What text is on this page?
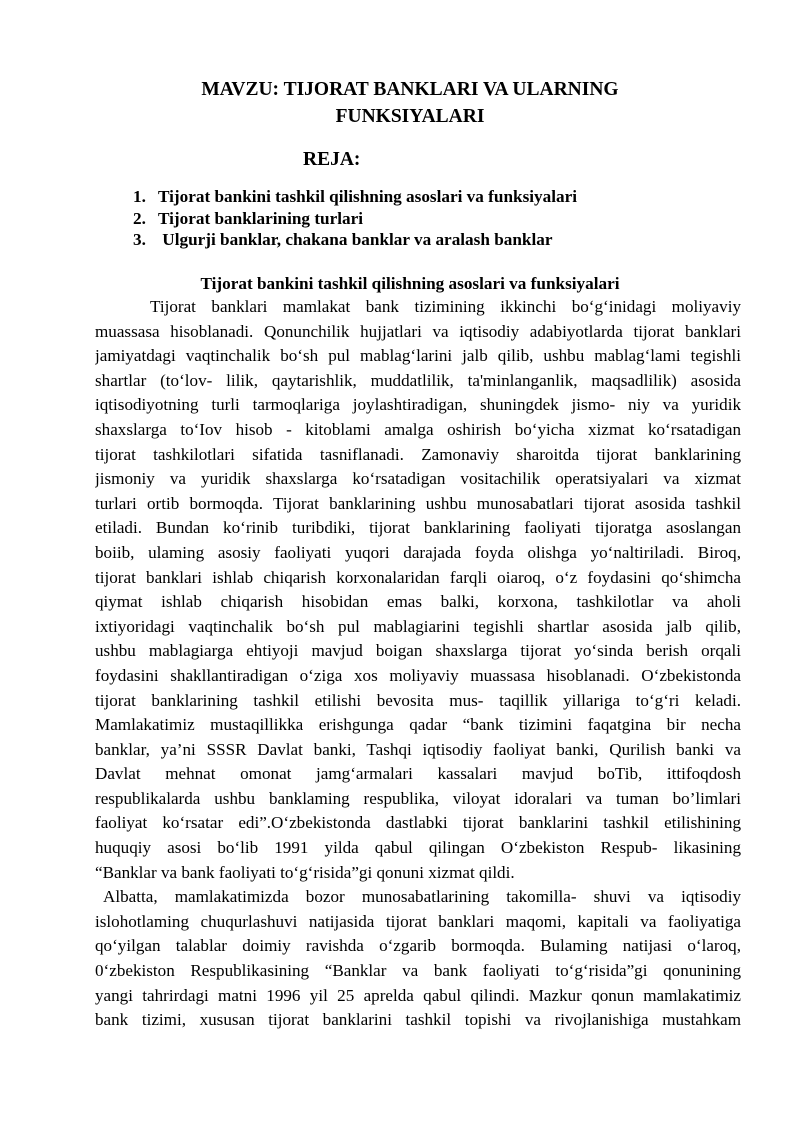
MAVZU: TIJORAT BANKLARI VA ULARNING FUNKSIYALARI
REJA:
1. Tijorat bankini tashkil qilishning asoslari va funksiyalari
2. Tijorat banklarining turlari
3. Ulgurji banklar, chakana banklar va aralash banklar
Tijorat bankini tashkil qilishning asoslari va funksiyalari
Tijorat banklari mamlakat bank tizimining ikkinchi bo‘g‘inidagi moliyaviy
muassasa hisoblanadi. Qonunchilik hujjatlari va iqtisodiy adabiyotlarda tijorat banklari
jamiyatdagi vaqtinchalik bo‘sh pul mablag‘larini jalb qilib, ushbu mablag‘lami tegishli
shartlar (to‘lov- lilik, qaytarishlik, muddatlilik, ta'minlanganlik, maqsadlilik) asosida
iqtisodiyotning turli tarmoqlariga joylashtiradigan, shuningdek jismo- niy va yuridik
shaxslarga to‘Iov hisob - kitoblami amalga oshirish bo‘yicha xizmat ko‘rsatadigan
tijorat tashkilotlari sifatida tasniflanadi. Zamonaviy sharoitda tijorat banklarining
jismoniy va yuridik shaxslarga ko‘rsatadigan vositachilik operatsiyalari va xizmat
turlari ortib bormoqda. Tijorat banklarining ushbu munosabatlari tijorat asosida tashkil
etiladi. Bundan ko‘rinib turibdiki, tijorat banklarining faoliyati tijoratga asoslangan
boiib, ulaming asosiy faoliyati yuqori darajada foyda olishga yo‘naltiriladi. Biroq,
tijorat banklari ishlab chiqarish korxonalaridan farqli oiaroq, o‘z foydasini qo‘shimcha
qiymat ishlab chiqarish hisobidan emas balki, korxona, tashkilotlar va aholi
ixtiyoridagi vaqtinchalik bo‘sh pul mablagiarini tegishli shartlar asosida jalb qilib,
ushbu mablagiarga ehtiyoji mavjud boigan shaxslarga tijorat yo‘sinda berish orqali
foydasini shakllantiradigan o‘ziga xos moliyaviy muassasa hisoblanadi. O‘zbekistonda
tijorat banklarining tashkil etilishi bevosita mus- taqillik yillariga to‘g‘ri keladi.
Mamlakatimiz mustaqillikka erishgunga qadar “bank tizimini faqatgina bir necha
banklar, ya’ni SSSR Davlat banki, Tashqi iqtisodiy faoliyat banki, Qurilish banki va
Davlat mehnat omonat jamg‘armalari kassalari mavjud boTib, ittifoqdosh
respublikalarda ushbu banklaming respublika, viloyat idoralari va tuman bo’limlari
faoliyat ko‘rsatar edi”.O‘zbekistonda dastlabki tijorat banklarini tashkil etilishining
huquqiy asosi bo‘lib 1991 yilda qabul qilingan O‘zbekiston Respub- likasining
“Banklar va bank faoliyati to‘g‘risida”gi qonuni xizmat qildi.
Albatta, mamlakatimizda bozor munosabatlarining takomilla- shuvi va iqtisodiy
islohotlaming chuqurlashuvi natijasida tijorat banklari maqomi, kapitali va faoliyatiga
qo‘yilgan talablar doimiy ravishda o‘zgarib bormoqda. Bulaming natijasi o‘laroq,
0‘zbekiston Respublikasining “Banklar va bank faoliyati to‘g‘risida”gi qonunining
yangi tahrirdagi matni 1996 yil 25 aprelda qabul qilindi. Mazkur qonun mamlakatimiz
bank tizimi, xususan tijorat banklarini tashkil topishi va rivojlanishiga mustahkam
